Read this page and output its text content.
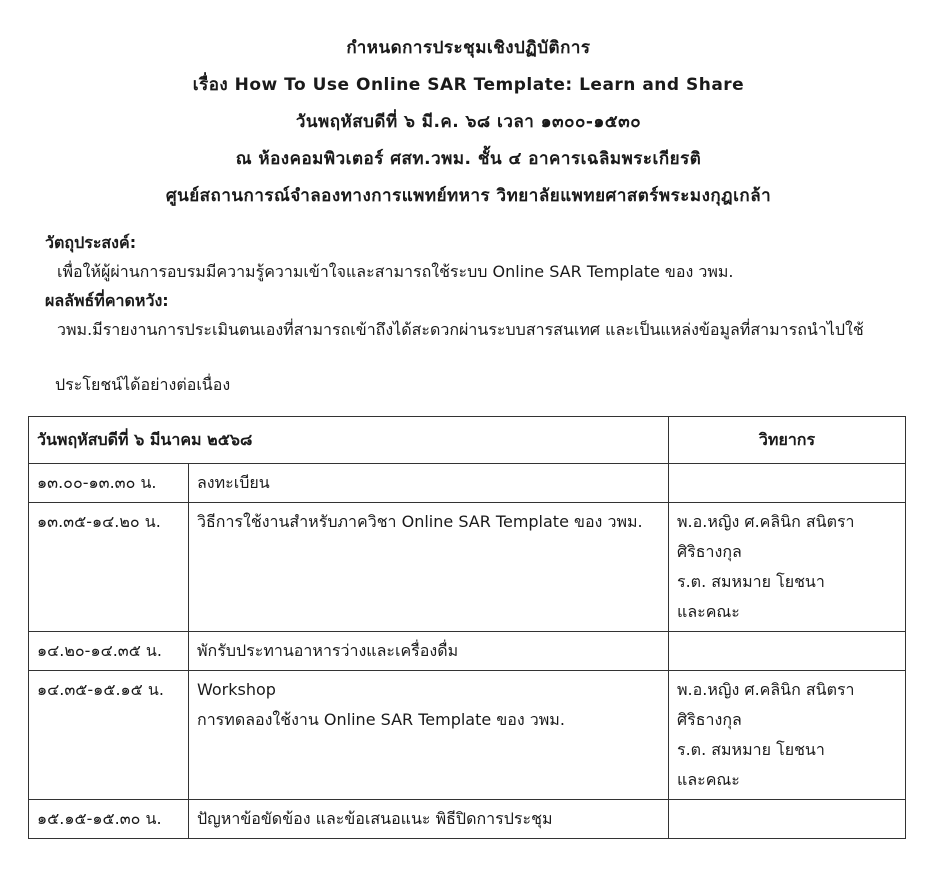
กำหนดการประชุมเชิงปฏิบัติการ
เรื่อง How To Use Online SAR Template: Learn and Share
วันพฤหัสบดีที่ ๖ มี.ค. ๖๘ เวลา ๑๓๐๐-๑๕๓๐
ณ ห้องคอมพิวเตอร์ ศสท.วพม. ชั้น ๔ อาคารเฉลิมพระเกียรติ
ศูนย์สถานการณ์จำลองทางการแพทย์ทหาร วิทยาลัยแพทยศาสตร์พระมงกุฎเกล้า
วัตถุประสงค์:
เพื่อให้ผู้ผ่านการอบรมมีความรู้ความเข้าใจและสามารถใช้ระบบ Online SAR Template ของ วพม.
ผลลัพธ์ที่คาดหวัง:
วพม.มีรายงานการประเมินตนเองที่สามารถเข้าถึงได้สะดวกผ่านระบบสารสนเทศ และเป็นแหล่งข้อมูลที่สามารถนำไปใช้
ประโยชน์ได้อย่างต่อเนื่อง
วันพฤหัสบดีที่ ๖ มีนาคม ๒๕๖๘		วิทยากร
๑๓.๐๐-๑๓.๓๐ น.	ลงทะเบียน	

๑๓.๓๕-๑๔.๒๐ น.	วิธีการใช้งานสำหรับภาควิชา Online SAR Template ของ วพม.	พ.อ.หญิง ศ.คลินิก สนิตรา
ศิริธางกุล
ร.ต. สมหมาย โยชนา
และคณะ

๑๔.๒๐-๑๔.๓๕ น.	พักรับประทานอาหารว่างและเครื่องดื่ม	

๑๔.๓๕-๑๕.๑๕ น.	Workshop
การทดลองใช้งาน Online SAR Template ของ วพม.	พ.อ.หญิง ศ.คลินิก สนิตรา
ศิริธางกุล
ร.ต. สมหมาย โยชนา
และคณะ

๑๕.๑๕-๑๕.๓๐ น.	ปัญหาข้อขัดข้อง และข้อเสนอแนะ พิธีปิดการประชุม	
